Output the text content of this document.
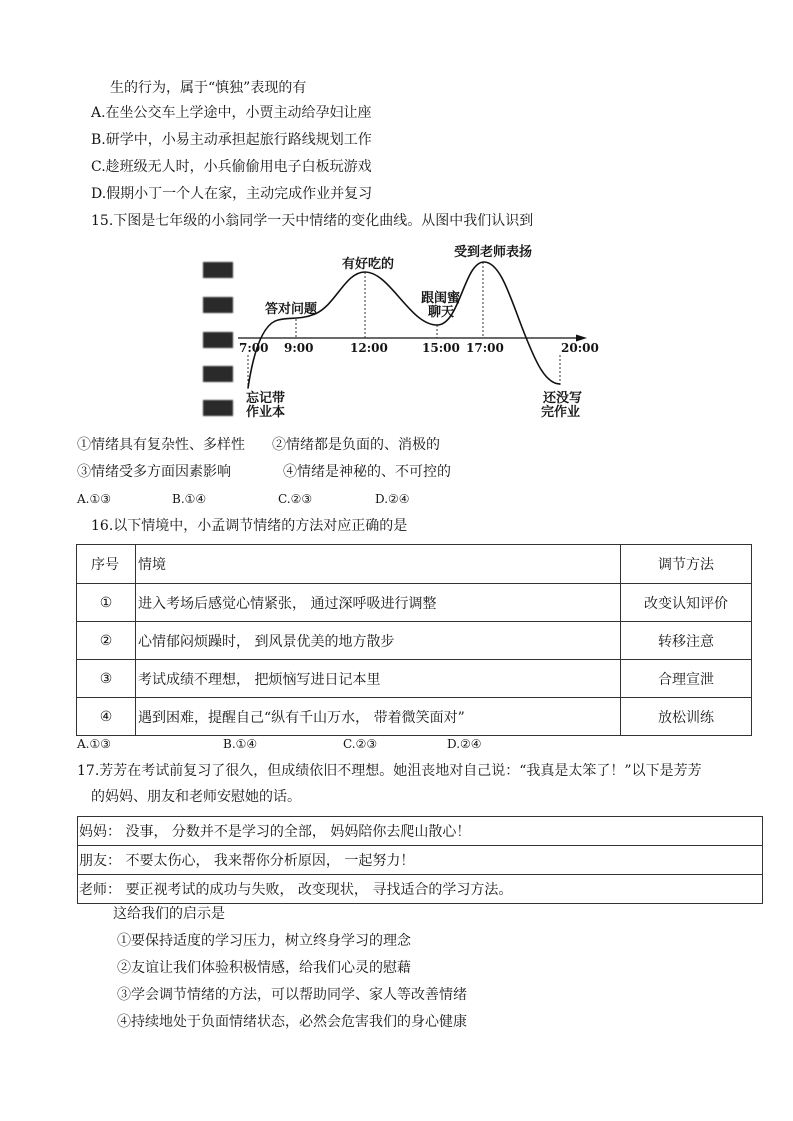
生的行为，属于“慎独”表现的有
A.在坐公交车上学途中，小贾主动给孕妇让座
B.研学中，小易主动承担起旅行路线规划工作
C.趁班级无人时，小兵偷偷用电子白板玩游戏
D.假期小丁一个人在家，主动完成作业并复习
15.下图是七年级的小翁同学一天中情绪的变化曲线。从图中我们认识到
7:00 9:00	12:00	15:00 17:00	20:00
忘记带
作业本
答对问题
有好吃的
跟闺蜜
聊天
受到老师表扬
还没写
完作业
①情绪具有复杂性、多样性 ②情绪都是负面的、消极的
③情绪受多方面因素影响	④情绪是神秘的、不可控的
A.①③	B.①④	C.②③	D.②④
16.以下情境中，小孟调节情绪的方法对应正确的是
序号	情境	调节方法
①	进入考场后感觉心情紧张， 通过深呼吸进行调整	改变认知评价
②	心情郁闷烦躁时， 到风景优美的地方散步	转移注意
③	考试成绩不理想， 把烦恼写进日记本里	合理宣泄
④	遇到困难，提醒自己“纵有千山万水， 带着微笑面对”	放松训练
A.①③	B.①④	C.②③	D.②④
17.芳芳在考试前复习了很久，但成绩依旧不理想。她沮丧地对自己说：“我真是太笨了！”以下是芳芳
的妈妈、朋友和老师安慰她的话。
妈妈： 没事， 分数并不是学习的全部， 妈妈陪你去爬山散心！
朋友： 不要太伤心， 我来帮你分析原因， 一起努力！
老师： 要正视考试的成功与失败， 改变现状， 寻找适合的学习方法。
这给我们的启示是
①要保持适度的学习压力，树立终身学习的理念
②友谊让我们体验积极情感，给我们心灵的慰藉
③学会调节情绪的方法，可以帮助同学、家人等改善情绪
④持续地处于负面情绪状态，必然会危害我们的身心健康
